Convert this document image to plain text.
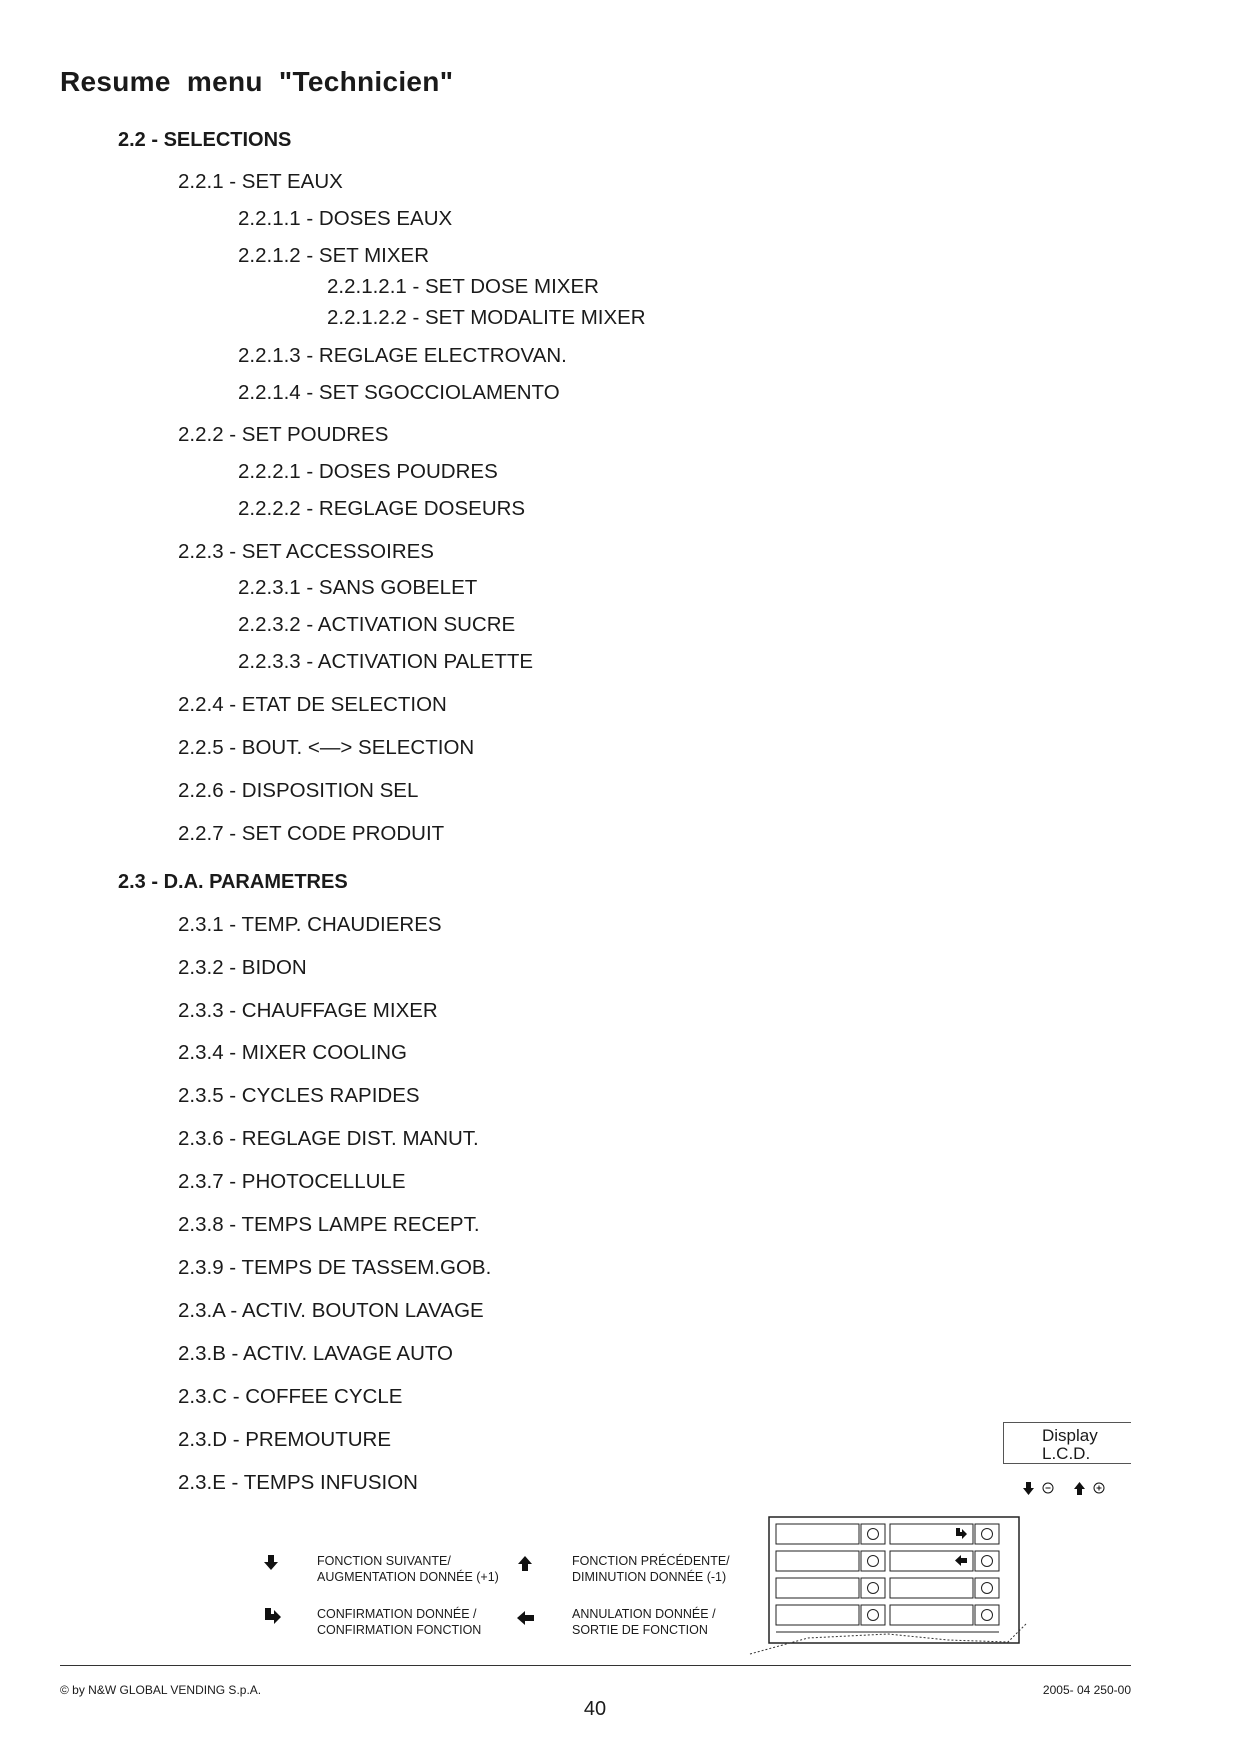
Resume  menu  "Technicien"
2.2 - SELECTIONS
2.2.1 - SET EAUX
2.2.1.1 - DOSES EAUX
2.2.1.2 - SET MIXER
2.2.1.2.1 - SET DOSE MIXER
2.2.1.2.2 - SET MODALITE MIXER
2.2.1.3 - REGLAGE ELECTROVAN.
2.2.1.4 - SET SGOCCIOLAMENTO
2.2.2 - SET POUDRES
2.2.2.1 - DOSES POUDRES
2.2.2.2 - REGLAGE DOSEURS
2.2.3 - SET ACCESSOIRES
2.2.3.1 - SANS GOBELET
2.2.3.2 - ACTIVATION SUCRE
2.2.3.3 - ACTIVATION PALETTE
2.2.4 - ETAT DE SELECTION
2.2.5 - BOUT. <—> SELECTION
2.2.6 - DISPOSITION SEL
2.2.7 - SET CODE PRODUIT
2.3 - D.A. PARAMETRES
2.3.1 - TEMP. CHAUDIERES
2.3.2 - BIDON
2.3.3 - CHAUFFAGE MIXER
2.3.4 - MIXER COOLING
2.3.5 - CYCLES RAPIDES
2.3.6 - REGLAGE DIST. MANUT.
2.3.7 - PHOTOCELLULE
2.3.8 - TEMPS LAMPE RECEPT.
2.3.9 - TEMPS DE TASSEM.GOB.
2.3.A - ACTIV. BOUTON LAVAGE
2.3.B - ACTIV. LAVAGE AUTO
2.3.C - COFFEE CYCLE
2.3.D - PREMOUTURE
2.3.E - TEMPS INFUSION
Display
L.C.D.
FONCTION SUIVANTE/
AUGMENTATION DONNÉE (+1)
FONCTION PRÉCÉDENTE/
DIMINUTION DONNÉE (-1)
CONFIRMATION DONNÉE /
CONFIRMATION FONCTION
ANNULATION DONNÉE /
SORTIE DE FONCTION
© by N&W GLOBAL VENDING S.p.A.	2005- 04 250-00
40
